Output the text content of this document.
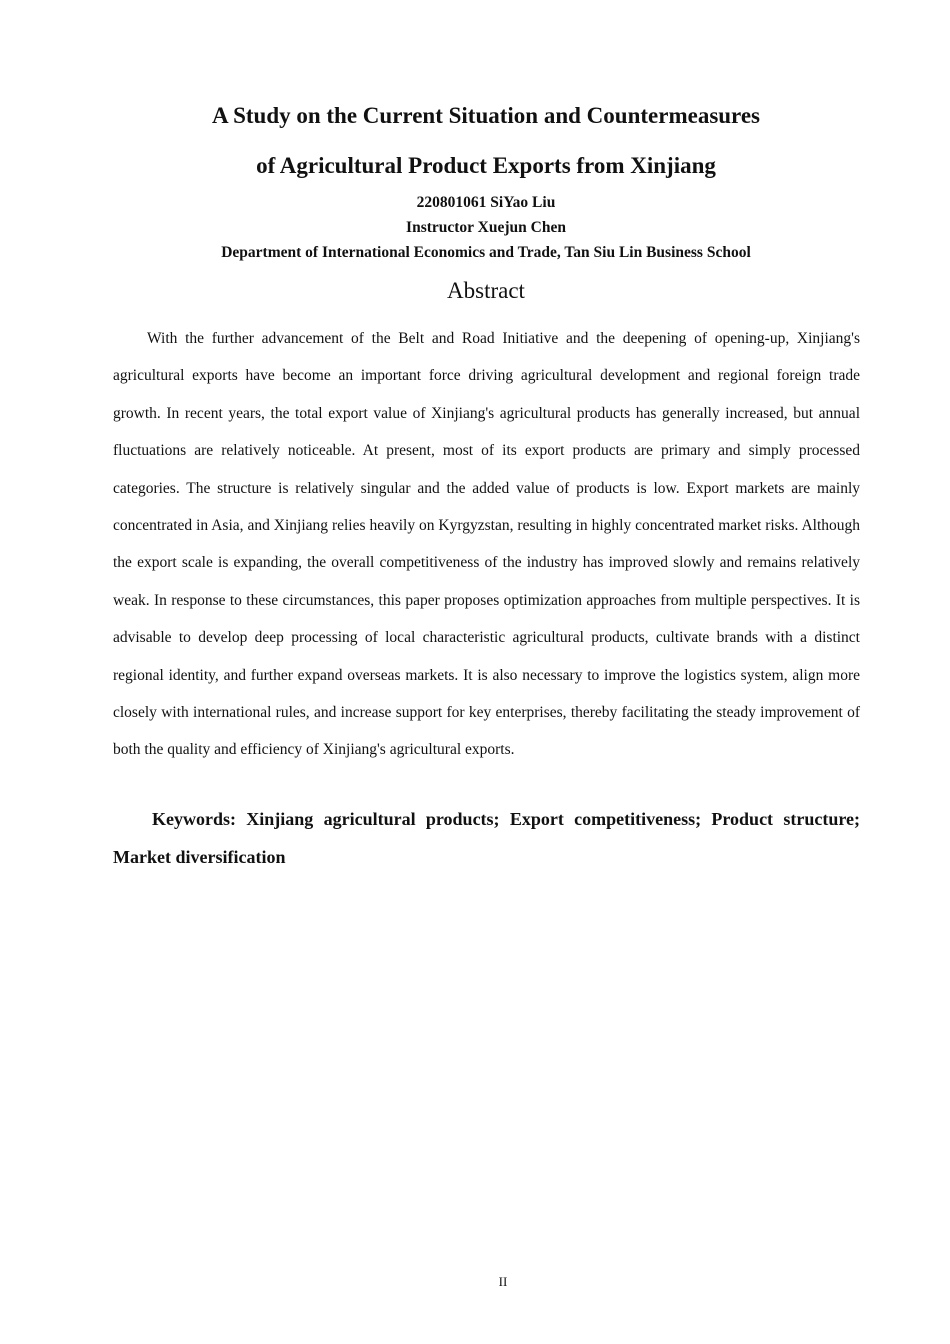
A Study on the Current Situation and Countermeasures
of Agricultural Product Exports from Xinjiang
220801061 SiYao Liu
Instructor Xuejun Chen
Department of International Economics and Trade, Tan Siu Lin Business School
Abstract

With the further advancement of the Belt and Road Initiative and the deepening of opening-up, Xinjiang's agricultural exports have become an important force driving agricultural development and regional foreign trade growth. In recent years, the total export value of Xinjiang's agricultural products has generally increased, but annual fluctuations are relatively noticeable. At present, most of its export products are primary and simply processed categories. The structure is relatively singular and the added value of products is low. Export markets are mainly concentrated in Asia, and Xinjiang relies heavily on Kyrgyzstan, resulting in highly concentrated market risks. Although the export scale is expanding, the overall competitiveness of the industry has improved slowly and remains relatively weak. In response to these circumstances, this paper proposes optimization approaches from multiple perspectives. It is advisable to develop deep processing of local characteristic agricultural products, cultivate brands with a distinct regional identity, and further expand overseas markets. It is also necessary to improve the logistics system, align more closely with international rules, and increase support for key enterprises, thereby facilitating the steady improvement of both the quality and efficiency of Xinjiang's agricultural exports.

Keywords: Xinjiang agricultural products; Export competitiveness; Product structure; Market diversification

II
